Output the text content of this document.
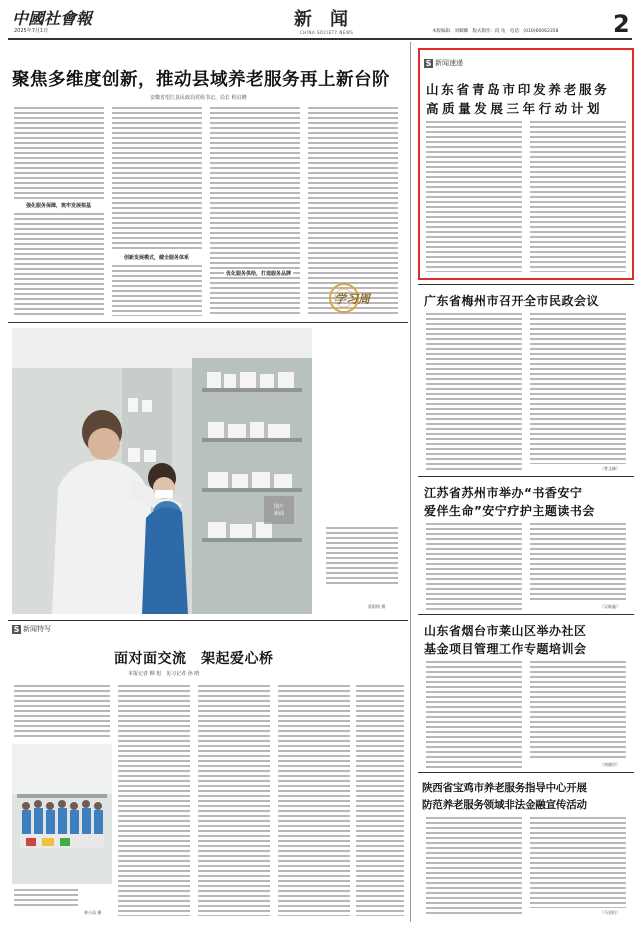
中國社會報
2025年7月1日
新　闻
CHINA SOCIETY NEWS	本版编辑：刘卿卿　版式制作：段 龟　电话：(010)66062358 2
聚焦多维度创新，推动县域养老服务再上新台阶
安徽省望江县民政局党组书记、局长 程启槽
强化服务保障，筑牢发展根基
创新发展模式，健全服务体系
优化服务供给，打造服务品牌
学习周
图片新闻
贾彩锦 摄
S 新闻特写
面对面交流　架起爱心桥
本报记者 柳 旭　见习记者 孙 晴
林小雨 摄
S 新闻速递
山东省青岛市印发养老服务
高质量发展三年行动计划
广东省梅州市召开全市民政会议
（曾文峰）
江苏省苏州市举办“书香安宁
爱伴生命”安宁疗护主题读书会
（吴晓鑫）
山东省烟台市莱山区举办社区
基金项目管理工作专题培训会
（初晓玲）
陕西省宝鸡市养老服务指导中心开展
防范养老服务领域非法金融宣传活动
（马晋恒）
